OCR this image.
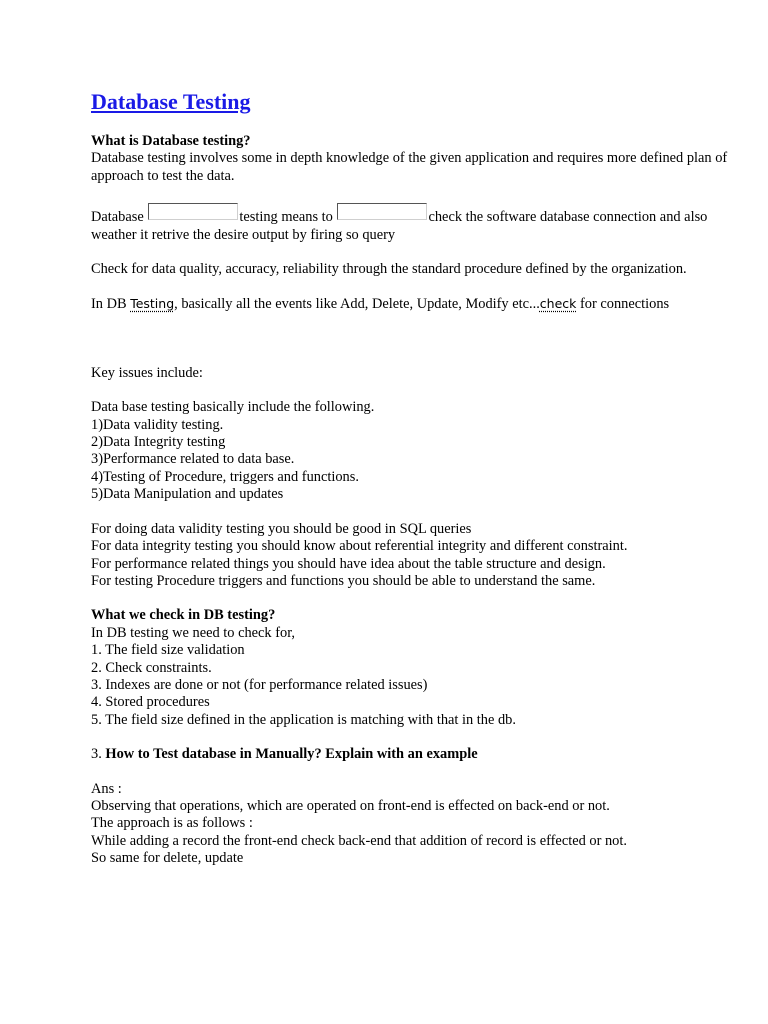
Database Testing

What is Database testing?

Database testing involves some in depth knowledge of the given application and requires more defined plan of approach to test the data.

Database	testing means to	check the software database connection and also weather it retrive the desire output by firing so query

Check for data quality, accuracy, reliability through the standard procedure defined by the organization.

In DB Testing, basically all the events like Add, Delete, Update, Modify etc...check for connections

Key issues include:

Data base testing basically include the following.

1)Data validity testing.

2)Data Integrity testing

3)Performance related to data base.

4)Testing of Procedure, triggers and functions.

5)Data Manipulation and updates

For doing data validity testing you should be good in SQL queries

For data integrity testing you should know about referential integrity and different constraint.

For performance related things you should have idea about the table structure and design.

For testing Procedure triggers and functions you should be able to understand the same.

What we check in DB testing?

In DB testing we need to check for,

1. The field size validation

2. Check constraints.

3. Indexes are done or not (for performance related issues)

4. Stored procedures

5. The field size defined in the application is matching with that in the db.

3. How to Test database in Manually? Explain with an example

Ans :

Observing that operations, which are operated on front-end is effected on back-end or not.

The approach is as follows :

While adding a record the front-end check back-end that addition of record is effected or not.

So same for delete, update
